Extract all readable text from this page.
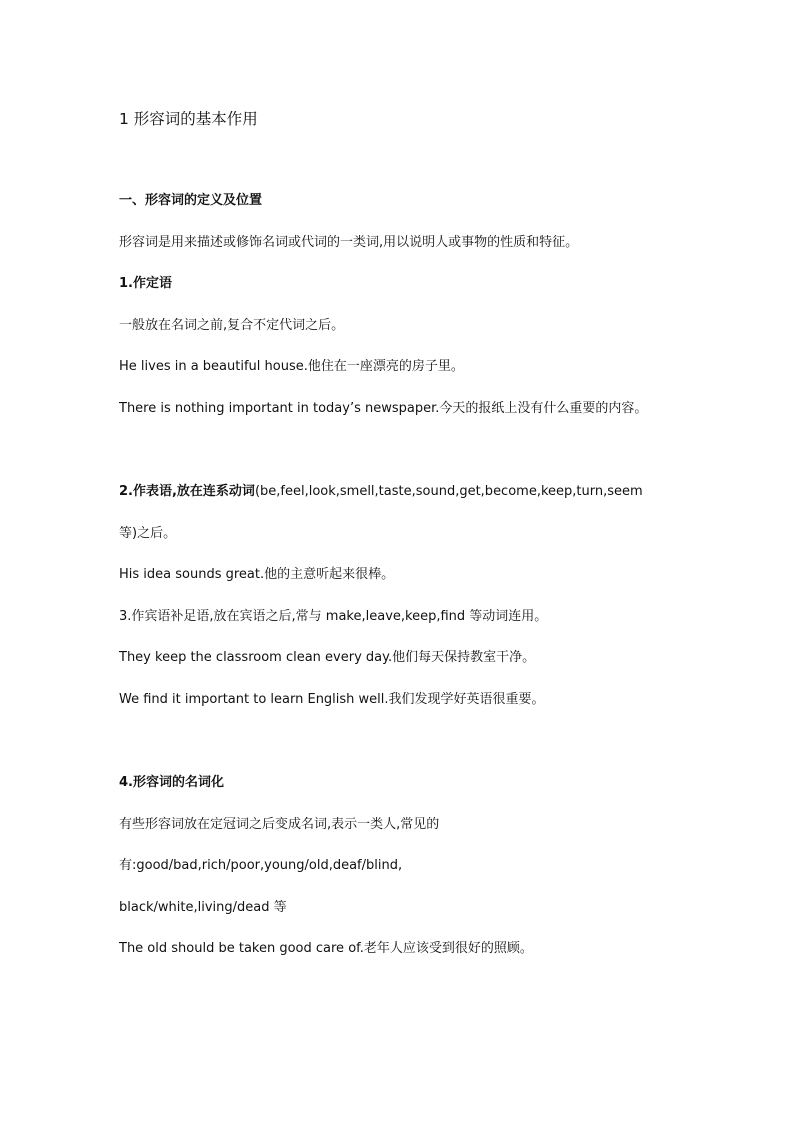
1 形容词的基本作用
一、形容词的定义及位置
形容词是用来描述或修饰名词或代词的一类词,用以说明人或事物的性质和特征。
1.作定语
一般放在名词之前,复合不定代词之后。
He lives in a beautiful house.他住在一座漂亮的房子里。
There is nothing important in today’s newspaper.今天的报纸上没有什么重要的内容。
2.作表语,放在连系动词(be,feel,look,smell,taste,sound,get,become,keep,turn,seem
等)之后。
His idea sounds great.他的主意听起来很棒。
3.作宾语补足语,放在宾语之后,常与 make,leave,keep,find 等动词连用。
They keep the classroom clean every day.他们每天保持教室干净。
We find it important to learn English well.我们发现学好英语很重要。
4.形容词的名词化
有些形容词放在定冠词之后变成名词,表示一类人,常见的
有:good/bad,rich/poor,young/old,deaf/blind,
black/white,living/dead 等
The old should be taken good care of.老年人应该受到很好的照顾。
